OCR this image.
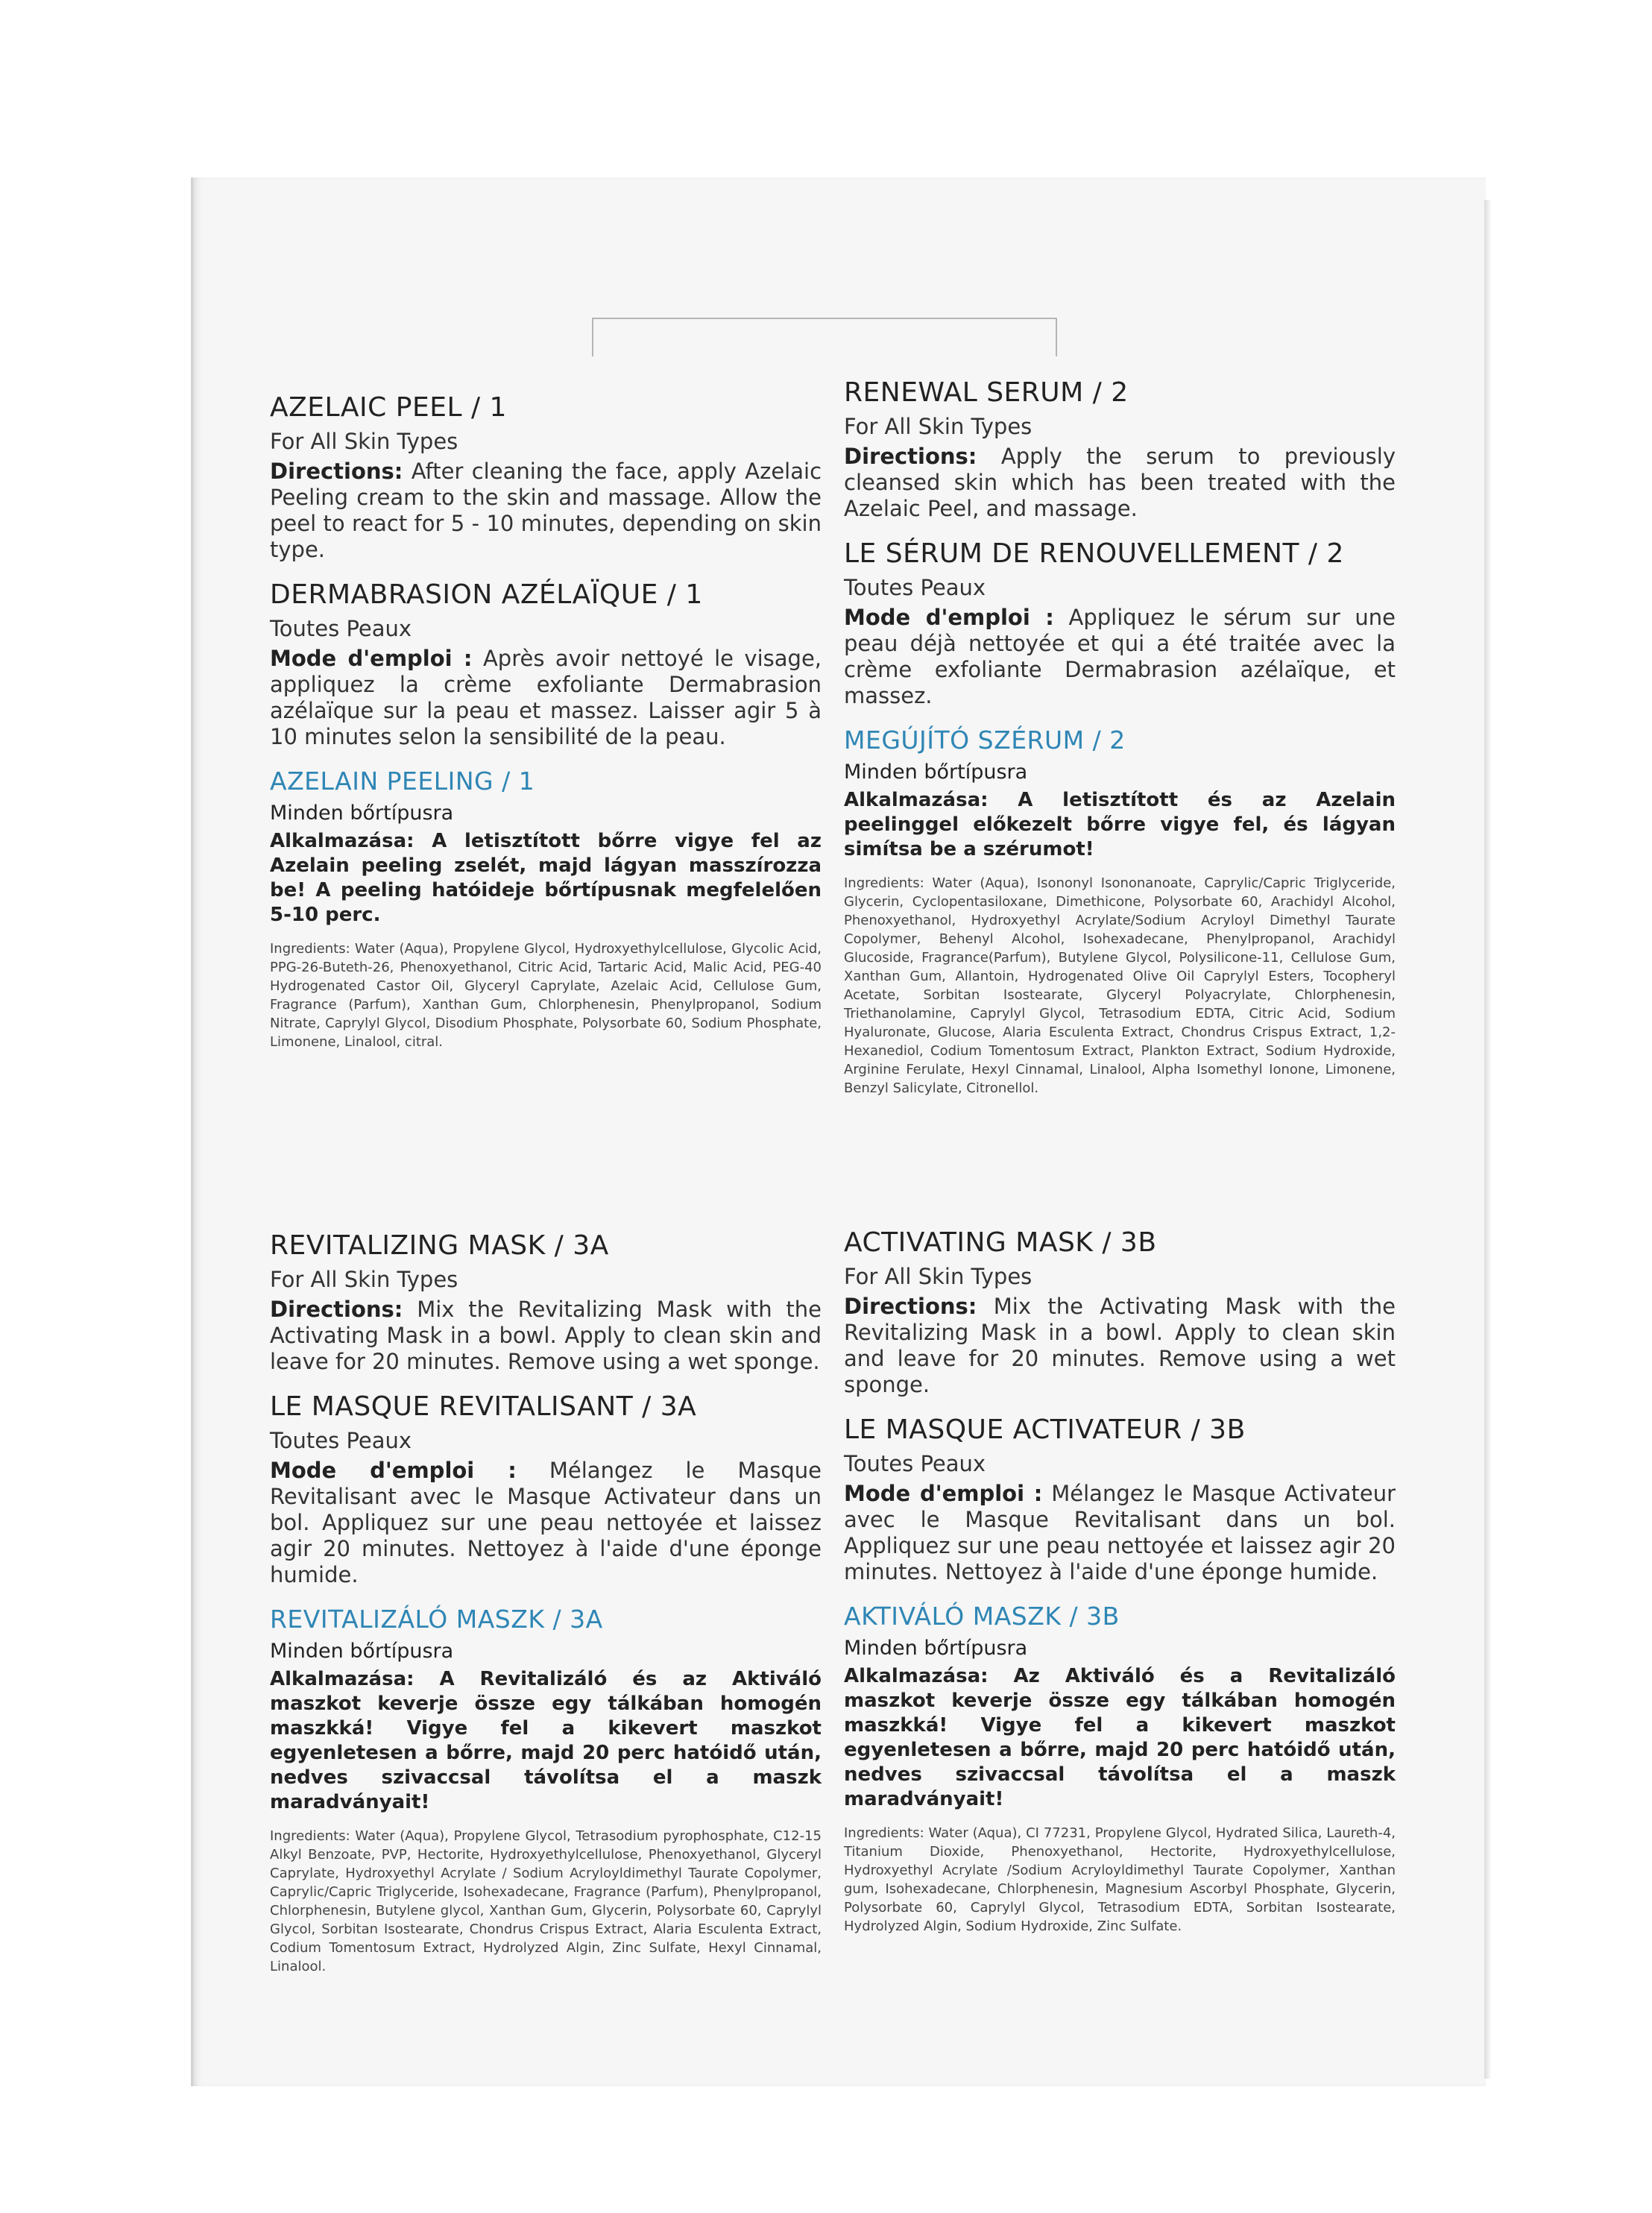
AZELAIC PEEL / 1

For All Skin Types

Directions: After cleaning the face, apply Azelaic Peeling cream to the skin and massage. Allow the peel to react for 5 - 10 minutes, depending on skin type.

DERMABRASION AZÉLAÏQUE / 1

Toutes Peaux

Mode d'emploi : Après avoir nettoyé le visage, appliquez la crème exfoliante Dermabrasion azélaïque sur la peau et massez. Laisser agir 5 à 10 minutes selon la sensibilité de la peau.

AZELAIN PEELING / 1

Minden bőrtípusra

Alkalmazása: A letisztított bőrre vigye fel az Azelain peeling zselét, majd lágyan masszírozza be! A peeling hatóideje bőrtípusnak megfelelően 5-10 perc.

Ingredients: Water (Aqua), Propylene Glycol, Hydroxyethylcellulose, Glycolic Acid, PPG-26-Buteth-26, Phenoxyethanol, Citric Acid, Tartaric Acid, Malic Acid, PEG-40 Hydrogenated Castor Oil, Glyceryl Caprylate, Azelaic Acid, Cellulose Gum, Fragrance (Parfum), Xanthan Gum, Chlorphenesin, Phenylpropanol, Sodium Nitrate, Caprylyl Glycol, Disodium Phosphate, Polysorbate 60, Sodium Phosphate, Limonene, Linalool, citral.

RENEWAL SERUM / 2

For All Skin Types

Directions: Apply the serum to previously cleansed skin which has been treated with the Azelaic Peel, and massage.

LE SÉRUM DE RENOUVELLEMENT / 2

Toutes Peaux

Mode d'emploi : Appliquez le sérum sur une peau déjà nettoyée et qui a été traitée avec la crème exfoliante Dermabrasion azélaïque, et massez.

MEGÚJÍTÓ SZÉRUM / 2

Minden bőrtípusra

Alkalmazása: A letisztított és az Azelain peelinggel előkezelt bőrre vigye fel, és lágyan simítsa be a szérumot!

Ingredients: Water (Aqua), Isononyl Isononanoate, Caprylic/Capric Triglyceride, Glycerin, Cyclopentasiloxane, Dimethicone, Polysorbate 60, Arachidyl Alcohol, Phenoxyethanol, Hydroxyethyl Acrylate/Sodium Acryloyl Dimethyl Taurate Copolymer, Behenyl Alcohol, Isohexadecane, Phenylpropanol, Arachidyl Glucoside, Fragrance(Parfum), Butylene Glycol, Polysilicone-11, Cellulose Gum, Xanthan Gum, Allantoin, Hydrogenated Olive Oil Caprylyl Esters, Tocopheryl Acetate, Sorbitan Isostearate, Glyceryl Polyacrylate, Chlorphenesin, Triethanolamine, Caprylyl Glycol, Tetrasodium EDTA, Citric Acid, Sodium Hyaluronate, Glucose, Alaria Esculenta Extract, Chondrus Crispus Extract, 1,2-Hexanediol, Codium Tomentosum Extract, Plankton Extract, Sodium Hydroxide, Arginine Ferulate, Hexyl Cinnamal, Linalool, Alpha Isomethyl Ionone, Limonene, Benzyl Salicylate, Citronellol.

REVITALIZING MASK / 3A

For All Skin Types

Directions: Mix the Revitalizing Mask with the Activating Mask in a bowl. Apply to clean skin and leave for 20 minutes. Remove using a wet sponge.

LE MASQUE REVITALISANT / 3A

Toutes Peaux

Mode d'emploi : Mélangez le Masque Revitalisant avec le Masque Activateur dans un bol. Appliquez sur une peau nettoyée et laissez agir 20 minutes. Nettoyez à l'aide d'une éponge humide.

REVITALIZÁLÓ MASZK / 3A

Minden bőrtípusra

Alkalmazása: A Revitalizáló és az Aktiváló maszkot keverje össze egy tálkában homogén maszkká! Vigye fel a kikevert maszkot egyenletesen a bőrre, majd 20 perc hatóidő után, nedves szivaccsal távolítsa el a maszk maradványait!

Ingredients: Water (Aqua), Propylene Glycol, Tetrasodium pyrophosphate, C12-15 Alkyl Benzoate, PVP, Hectorite, Hydroxyethylcellulose, Phenoxyethanol, Glyceryl Caprylate, Hydroxyethyl Acrylate / Sodium Acryloyldimethyl Taurate Copolymer, Caprylic/Capric Triglyceride, Isohexadecane, Fragrance (Parfum), Phenylpropanol, Chlorphenesin, Butylene glycol, Xanthan Gum, Glycerin, Polysorbate 60, Caprylyl Glycol, Sorbitan Isostearate, Chondrus Crispus Extract, Alaria Esculenta Extract, Codium Tomentosum Extract, Hydrolyzed Algin, Zinc Sulfate, Hexyl Cinnamal, Linalool.

ACTIVATING MASK / 3B

For All Skin Types

Directions: Mix the Activating Mask with the Revitalizing Mask in a bowl. Apply to clean skin and leave for 20 minutes. Remove using a wet sponge.

LE MASQUE ACTIVATEUR / 3B

Toutes Peaux

Mode d'emploi : Mélangez le Masque Activateur avec le Masque Revitalisant dans un bol. Appliquez sur une peau nettoyée et laissez agir 20 minutes. Nettoyez à l'aide d'une éponge humide.

AKTIVÁLÓ MASZK / 3B

Minden bőrtípusra

Alkalmazása: Az Aktiváló és a Revitalizáló maszkot keverje össze egy tálkában homogén maszkká! Vigye fel a kikevert maszkot egyenletesen a bőrre, majd 20 perc hatóidő után, nedves szivaccsal távolítsa el a maszk maradványait!

Ingredients: Water (Aqua), CI 77231, Propylene Glycol, Hydrated Silica, Laureth-4, Titanium Dioxide, Phenoxyethanol, Hectorite, Hydroxyethylcellulose, Hydroxyethyl Acrylate /Sodium Acryloyldimethyl Taurate Copolymer, Xanthan gum, Isohexadecane, Chlorphenesin, Magnesium Ascorbyl Phosphate, Glycerin, Polysorbate 60, Caprylyl Glycol, Tetrasodium EDTA, Sorbitan Isostearate, Hydrolyzed Algin, Sodium Hydroxide, Zinc Sulfate.
